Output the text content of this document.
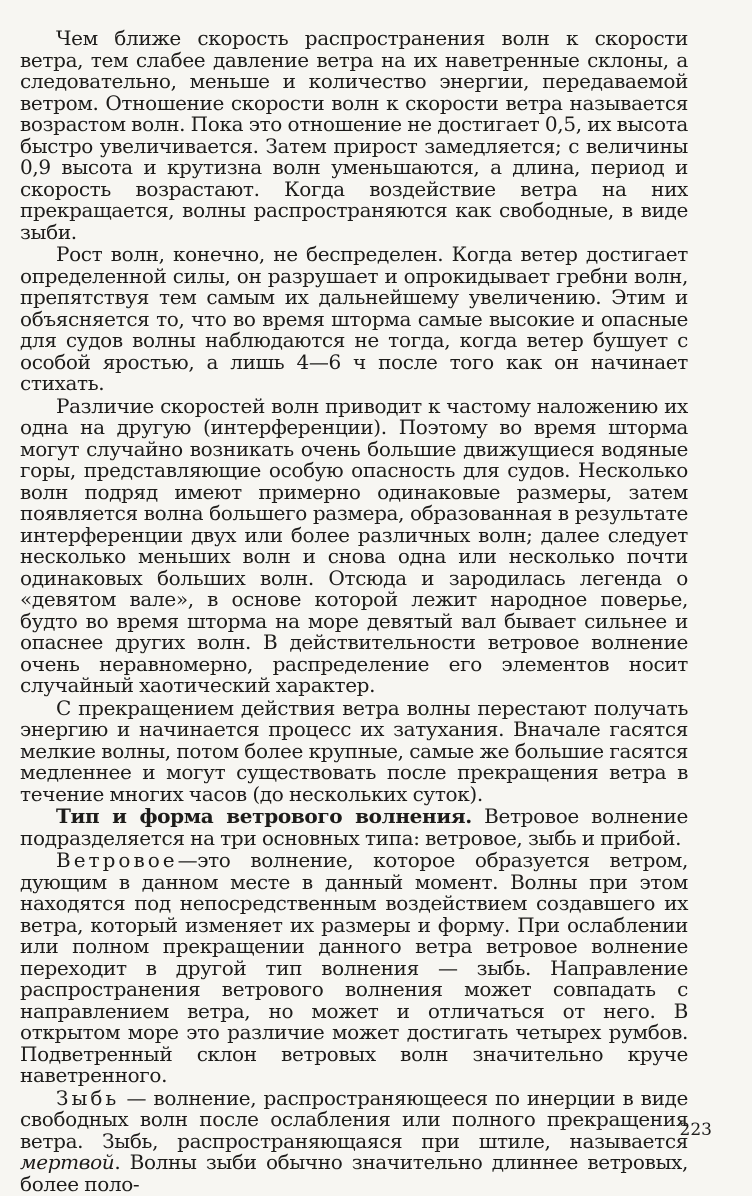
Чем ближе скорость распространения волн к скорости ветра, тем слабее давление ветра на их наветренные склоны, а следовательно, меньше и количество энергии, передаваемой ветром. Отношение скорости волн к скорости ветра называется возрастом волн. Пока это отношение не достигает 0,5, их высота быстро увеличивается. Затем прирост замедляется; с величины 0,9 высота и крутизна волн уменьшаются, а длина, период и скорость возрастают. Когда воздействие ветра на них прекращается, волны распространяются как свободные, в виде зыби.

Рост волн, конечно, не беспределен. Когда ветер достигает определенной силы, он разрушает и опрокидывает гребни волн, препятствуя тем самым их дальнейшему увеличению. Этим и объясняется то, что во время шторма самые высокие и опасные для судов волны наблюдаются не тогда, когда ветер бушует с особой яростью, а лишь 4—6 ч после того как он начинает стихать.

Различие скоростей волн приводит к частому наложению их одна на другую (интерференции). Поэтому во время шторма могут случайно возникать очень большие движущиеся водяные горы, представляющие особую опасность для судов. Несколько волн подряд имеют примерно одинаковые размеры, затем появляется волна большего размера, образованная в результате интерференции двух или более различных волн; далее следует несколько меньших волн и снова одна или несколько почти одинаковых больших волн. Отсюда и зародилась легенда о «девятом вале», в основе которой лежит народное поверье, будто во время шторма на море девятый вал бывает сильнее и опаснее других волн. В действительности ветровое волнение очень неравномерно, распределение его элементов носит случайный хаотический характер.

С прекращением действия ветра волны перестают получать энергию и начинается процесс их затухания. Вначале гасятся мелкие волны, потом более крупные, самые же большие гасятся медленнее и могут существовать после прекращения ветра в течение многих часов (до нескольких суток).

Тип и форма ветрового волнения. Ветровое волнение подразделяется на три основных типа: ветровое, зыбь и прибой.

Ветровое—это волнение, которое образуется ветром, дующим в данном месте в данный момент. Волны при этом находятся под непосредственным воздействием создавшего их ветра, который изменяет их размеры и форму. При ослаблении или полном прекращении данного ветра ветровое волнение переходит в другой тип волнения — зыбь. Направление распространения ветрового волнения может совпадать с направлением ветра, но может и отличаться от него. В открытом море это различие может достигать четырех румбов. Подветренный склон ветровых волн значительно круче наветренного.

Зыбь — волнение, распространяющееся по инерции в виде свободных волн после ослабления или полного прекращения ветра. Зыбь, распространяющаяся при штиле, называется мертвой. Волны зыби обычно значительно длиннее ветровых, более поло-

223
